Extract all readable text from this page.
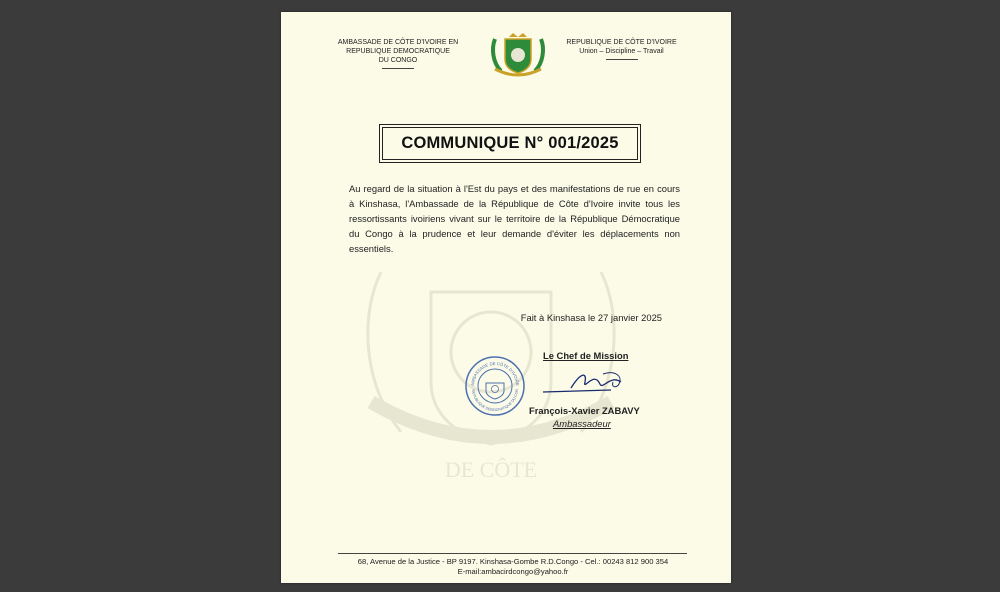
DE CÔTE
AMBASSADE DE CÔTE D'IVOIRE EN
REPUBLIQUE DEMOCRATIQUE
DU CONGO
REPUBLIQUE DE CÔTE D'IVOIRE
Union – Discipline – Travail
COMMUNIQUE N° 001/2025
Au regard de la situation à l'Est du pays et des manifestations de rue en cours à Kinshasa, l'Ambassade de la République de Côte d'Ivoire invite tous les ressortissants ivoiriens vivant sur le territoire de la République Démocratique du Congo à la prudence et leur demande d'éviter les déplacements non essentiels.
Fait à Kinshasa le 27 janvier 2025
Le Chef de Mission
AMBASSADE DE CÔTE D'IVOIRE
REPUBLIQUE DEMOCRATIQUE DU CON
François-Xavier ZABAVY
Ambassadeur
68, Avenue de la Justice - BP 9197. Kinshasa-Gombe R.D.Congo - Cel.: 00243 812 900 354
E-mail:ambacirdcongo@yahoo.fr
